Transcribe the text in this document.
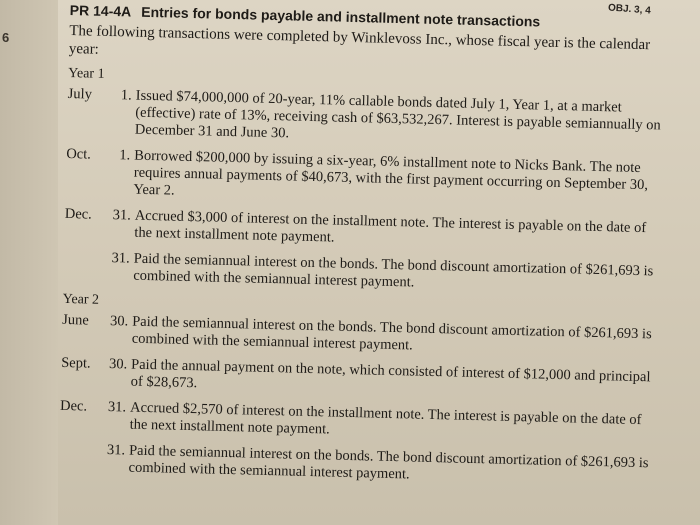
6
OBJ. 3, 4
PR 14-4A Entries for bonds payable and installment note transactions

The following transactions were completed by Winklevoss Inc., whose fiscal year is the calendar year:

Year 1
July	1. Issued $74,000,000 of 20-year, 11% callable bonds dated July 1, Year 1, at a market (effective) rate of 13%, receiving cash of $63,532,267. Interest is payable semiannually on December 31 and June 30.
Oct.	1. Borrowed $200,000 by issuing a six-year, 6% installment note to Nicks Bank. The note requires annual payments of $40,673, with the first payment occurring on September 30, Year 2.
Dec.	31. Accrued $3,000 of interest on the installment note. The interest is payable on the date of the next installment note payment.
31. Paid the semiannual interest on the bonds. The bond discount amortization of $261,693 is combined with the semiannual interest payment.
Year 2
June	30. Paid the semiannual interest on the bonds. The bond discount amortization of $261,693 is combined with the semiannual interest payment.
Sept.	30. Paid the annual payment on the note, which consisted of interest of $12,000 and principal of $28,673.
Dec.	31. Accrued $2,570 of interest on the installment note. The interest is payable on the date of the next installment note payment.
31. Paid the semiannual interest on the bonds. The bond discount amortization of $261,693 is combined with the semiannual interest payment.
